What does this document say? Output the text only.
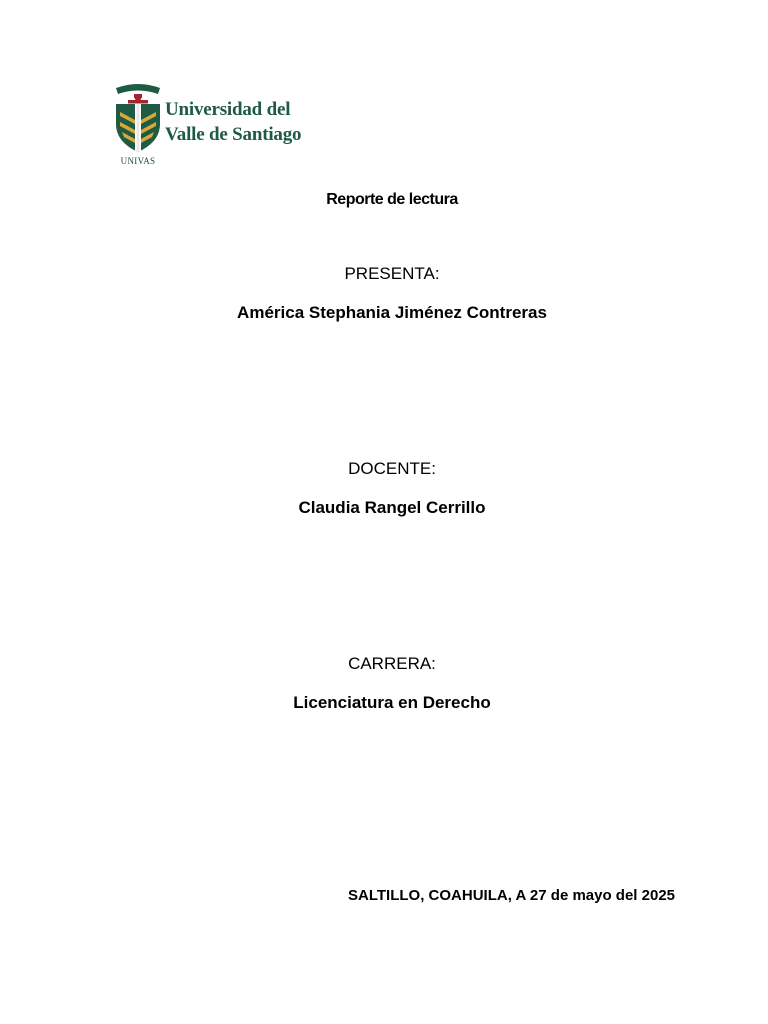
UNIVAS
Universidad del
Valle de Santiago
Reporte de lectura
PRESENTA:
América Stephania Jiménez Contreras
DOCENTE:
Claudia Rangel Cerrillo
CARRERA:
Licenciatura en Derecho
SALTILLO, COAHUILA, A 27 de mayo del 2025
